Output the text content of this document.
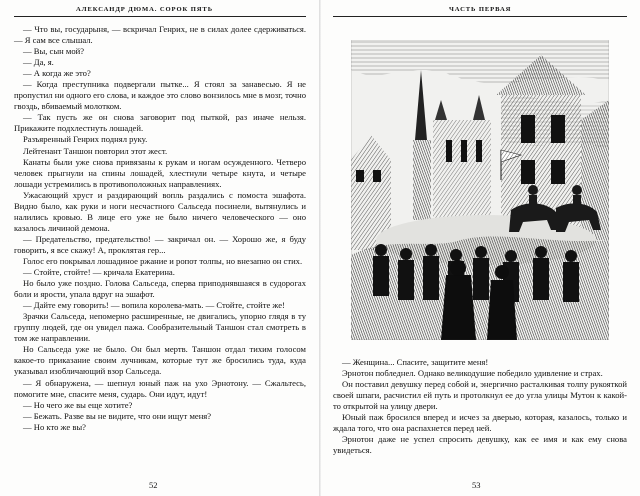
АЛЕКСАНДР ДЮМА. СОРОК ПЯТЬ

— Что вы, государыня, — вскричал Генрих, не в силах долее сдерживаться. — Я сам все слышал.

— Вы, сын мой?

— Да, я.

— А когда же это?

— Когда преступника подвергали пытке... Я стоял за занавесью. Я не пропустил ни одного его слова, и каждое это слово вонзилось мне в мозг, точно гвоздь, вбиваемый молотком.

— Так пусть же он снова заговорит под пыткой, раз иначе нельзя. Прикажите подхлестнуть лошадей.

Разъяренный Генрих поднял руку.

Лейтенант Таншон повторил этот жест.

Канаты были уже снова привязаны к рукам и ногам осужденного. Четверо человек прыгнули на спины лошадей, хлестнули четыре кнута, и четыре лошади устремились в противоположных направлениях.

Ужасающий хруст и раздирающий вопль раздались с помоста эшафота. Видно было, как руки и ноги несчастного Сальседа посинели, вытянулись и налились кровью. В лице его уже не было ничего человеческого — оно казалось личиной демона.

— Предательство, предательство! — закричал он. — Хорошо же, я буду говорить, я все скажу! А, проклятая гер...

Голос его покрывал лошадиное ржание и ропот толпы, но внезапно он стих.

— Стойте, стойте! — кричала Екатерина.

Но было уже поздно. Голова Сальседа, сперва приподнявшаяся в судорогах боли и ярости, упала вдруг на эшафот.

— Дайте ему говорить! — вопила королева-мать. — Стойте, стойте же!

Зрачки Сальседа, непомерно расширенные, не двигались, упорно глядя в ту группу людей, где он увидел пажа. Сообразительный Таншон стал смотреть в том же направлении.

Но Сальседа уже не было. Он был мертв. Таншон отдал тихим голосом какое-то приказание своим лучникам, которые тут же бросились туда, куда указывал изобличающий взор Сальседа.

— Я обнаружена, — шепнул юный паж на ухо Эрнотону. — Сжальтесь, помогите мне, спасите меня, сударь. Они идут, идут!

— Но чего же вы еще хотите?

— Бежать. Разве вы не видите, что они ищут меня?

— Но кто же вы?

52
ЧАСТЬ ПЕРВАЯ

— Женщина... Спасите, защитите меня!

Эрнотон побледнел. Однако великодушие победило удивление и страх.

Он поставил девушку перед собой и, энергично расталкивая толпу рукояткой своей шпаги, расчистил ей путь и протолкнул ее до угла улицы Мутон к какой-то открытой на улицу двери.

Юный паж бросился вперед и исчез за дверью, которая, казалось, только и ждала того, что она распахнется перед ней.

Эрнотон даже не успел спросить девушку, как ее имя и как ему снова увидеться.

53
